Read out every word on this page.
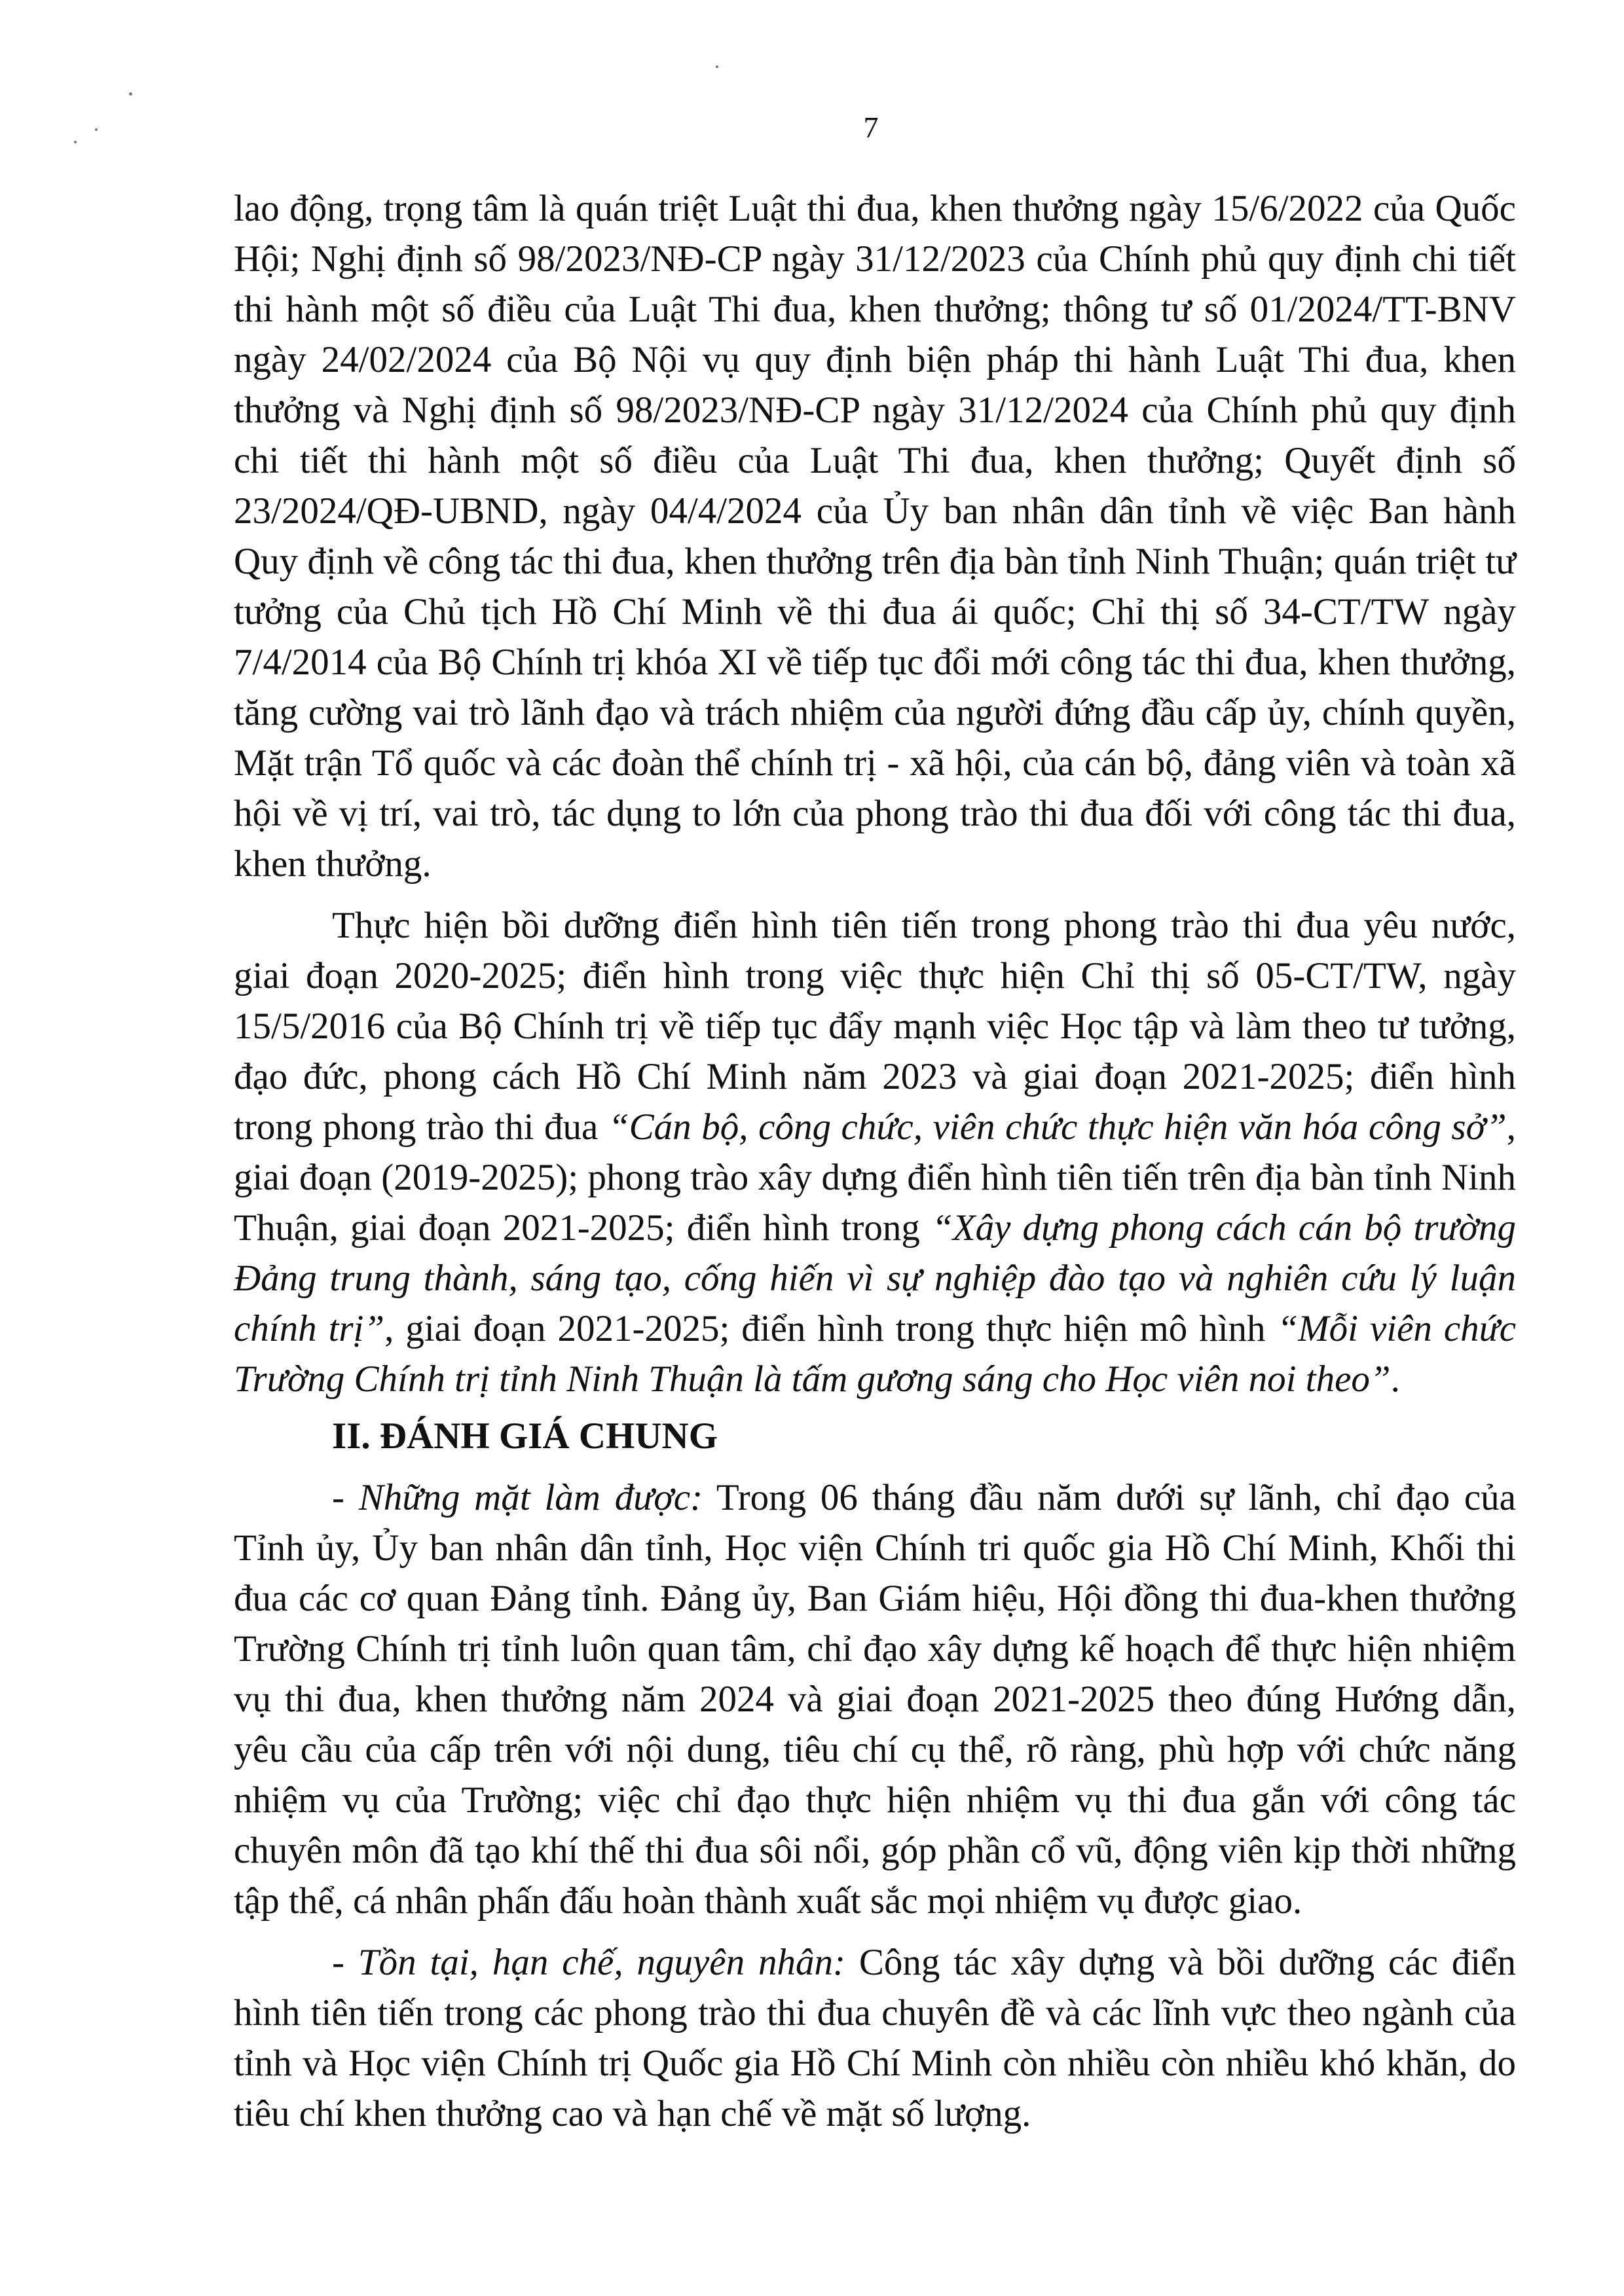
7

lao động, trọng tâm là quán triệt Luật thi đua, khen thưởng ngày 15/6/2022 của Quốc Hội; Nghị định số 98/2023/NĐ-CP ngày 31/12/2023 của Chính phủ quy định chi tiết thi hành một số điều của Luật Thi đua, khen thưởng; thông tư số 01/2024/TT-BNV ngày 24/02/2024 của Bộ Nội vụ quy định biện pháp thi hành Luật Thi đua, khen thưởng và Nghị định số 98/2023/NĐ-CP ngày 31/12/2024 của Chính phủ quy định chi tiết thi hành một số điều của Luật Thi đua, khen thưởng; Quyết định số 23/2024/QĐ-UBND, ngày 04/4/2024 của Ủy ban nhân dân tỉnh về việc Ban hành Quy định về công tác thi đua, khen thưởng trên địa bàn tỉnh Ninh Thuận; quán triệt tư tưởng của Chủ tịch Hồ Chí Minh về thi đua ái quốc; Chỉ thị số 34-CT/TW ngày 7/4/2014 của Bộ Chính trị khóa XI về tiếp tục đổi mới công tác thi đua, khen thưởng, tăng cường vai trò lãnh đạo và trách nhiệm của người đứng đầu cấp ủy, chính quyền, Mặt trận Tổ quốc và các đoàn thể chính trị - xã hội, của cán bộ, đảng viên và toàn xã hội về vị trí, vai trò, tác dụng to lớn của phong trào thi đua đối với công tác thi đua, khen thưởng.

Thực hiện bồi dưỡng điển hình tiên tiến trong phong trào thi đua yêu nước, giai đoạn 2020-2025; điển hình trong việc thực hiện Chỉ thị số 05-CT/TW, ngày 15/5/2016 của Bộ Chính trị về tiếp tục đẩy mạnh việc Học tập và làm theo tư tưởng, đạo đức, phong cách Hồ Chí Minh năm 2023 và giai đoạn 2021-2025; điển hình trong phong trào thi đua “Cán bộ, công chức, viên chức thực hiện văn hóa công sở”, giai đoạn (2019-2025); phong trào xây dựng điển hình tiên tiến trên địa bàn tỉnh Ninh Thuận, giai đoạn 2021-2025; điển hình trong “Xây dựng phong cách cán bộ trường Đảng trung thành, sáng tạo, cống hiến vì sự nghiệp đào tạo và nghiên cứu lý luận chính trị”, giai đoạn 2021-2025; điển hình trong thực hiện mô hình “Mỗi viên chức Trường Chính trị tỉnh Ninh Thuận là tấm gương sáng cho Học viên noi theo”.

II. ĐÁNH GIÁ CHUNG

- Những mặt làm được: Trong 06 tháng đầu năm dưới sự lãnh, chỉ đạo của Tỉnh ủy, Ủy ban nhân dân tỉnh, Học viện Chính tri quốc gia Hồ Chí Minh, Khối thi đua các cơ quan Đảng tỉnh. Đảng ủy, Ban Giám hiệu, Hội đồng thi đua-khen thưởng Trường Chính trị tỉnh luôn quan tâm, chỉ đạo xây dựng kế hoạch để thực hiện nhiệm vụ thi đua, khen thưởng năm 2024 và giai đoạn 2021-2025 theo đúng Hướng dẫn, yêu cầu của cấp trên với nội dung, tiêu chí cụ thể, rõ ràng, phù hợp với chức năng nhiệm vụ của Trường; việc chỉ đạo thực hiện nhiệm vụ thi đua gắn với công tác chuyên môn đã tạo khí thế thi đua sôi nổi, góp phần cổ vũ, động viên kịp thời những tập thể, cá nhân phấn đấu hoàn thành xuất sắc mọi nhiệm vụ được giao.

- Tồn tại, hạn chế, nguyên nhân: Công tác xây dựng và bồi dưỡng các điển hình tiên tiến trong các phong trào thi đua chuyên đề và các lĩnh vực theo ngành của tỉnh và Học viện Chính trị Quốc gia Hồ Chí Minh còn nhiều còn nhiều khó khăn, do tiêu chí khen thưởng cao và hạn chế về mặt số lượng.
